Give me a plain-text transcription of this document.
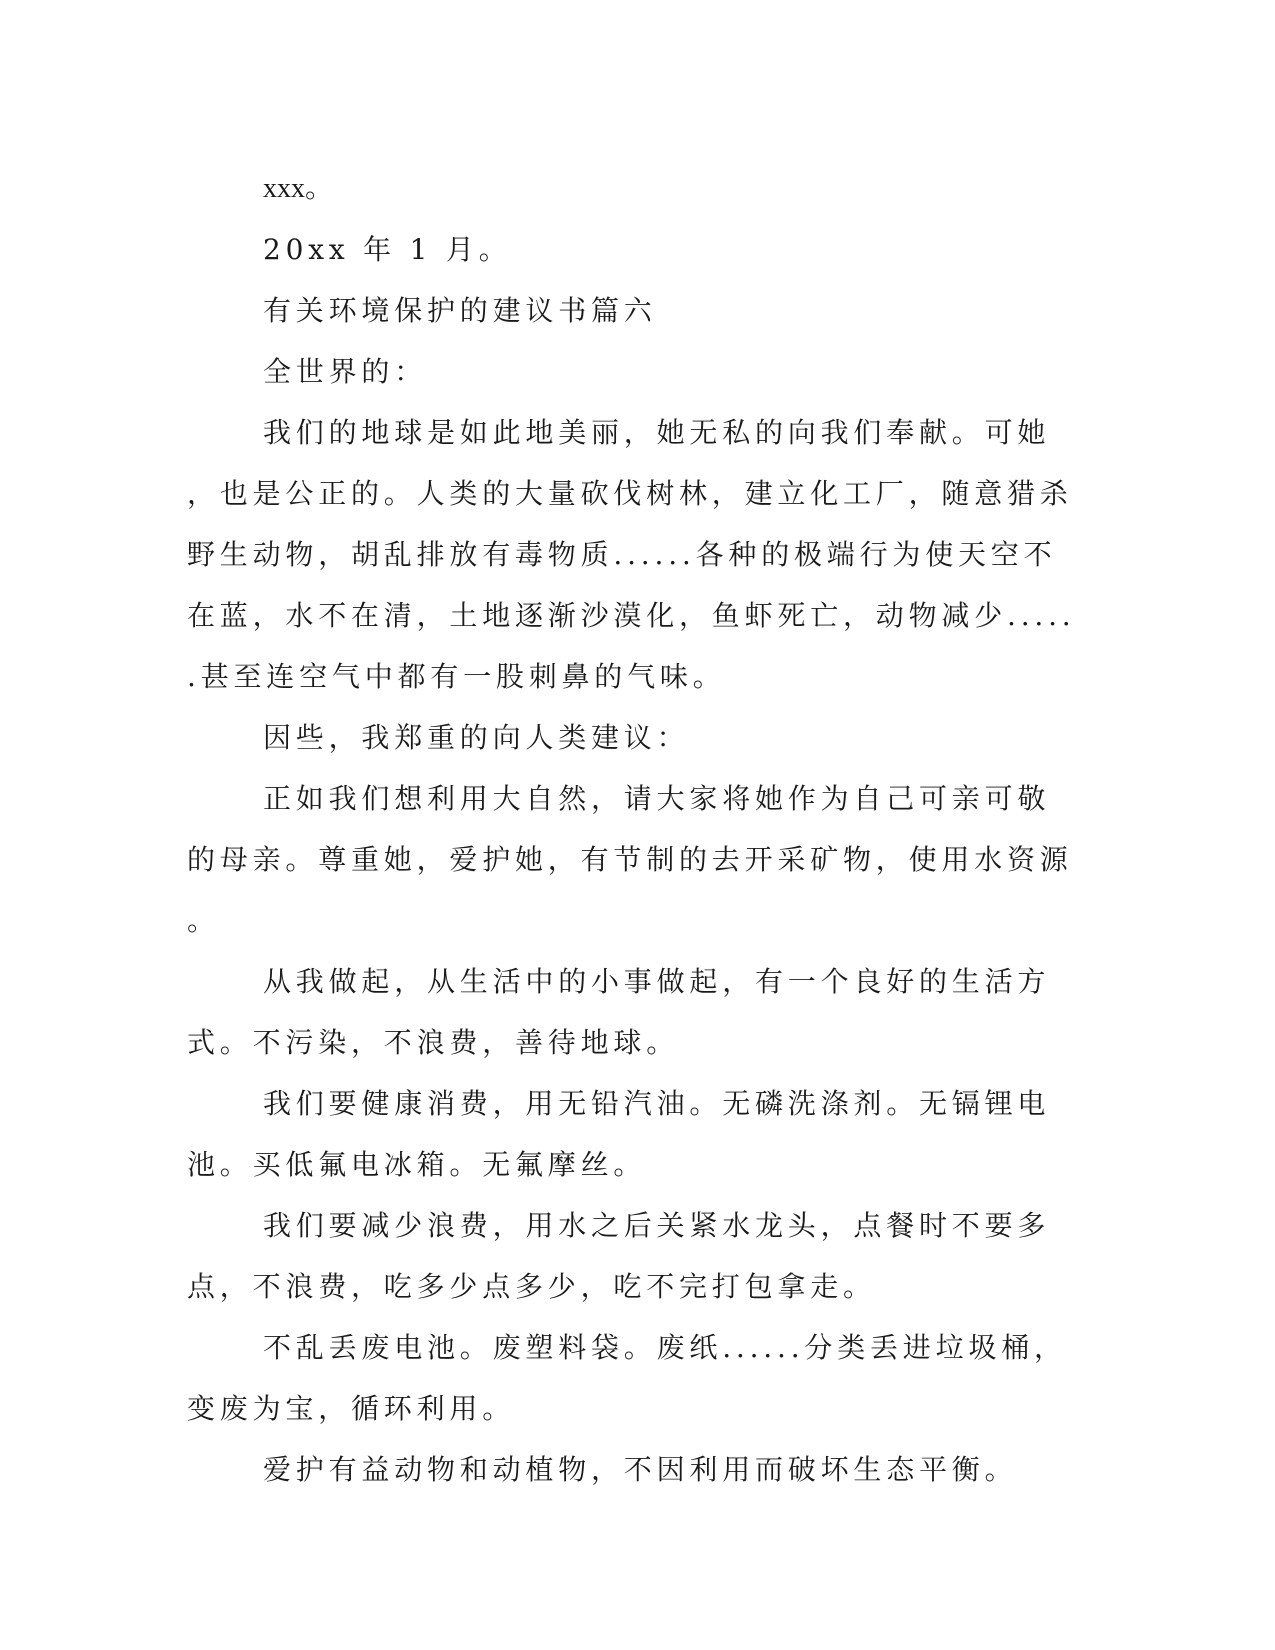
xxx。

20xx 年 1 月。

有关环境保护的建议书篇六

全世界的：

我们的地球是如此地美丽，她无私的向我们奉献。可她，也是公正的。人类的大量砍伐树林，建立化工厂，随意猎杀野生动物，胡乱排放有毒物质......各种的极端行为使天空不在蓝，水不在清，土地逐渐沙漠化，鱼虾死亡，动物减少......甚至连空气中都有一股刺鼻的气味。

因些，我郑重的向人类建议：

正如我们想利用大自然，请大家将她作为自己可亲可敬的母亲。尊重她，爱护她，有节制的去开采矿物，使用水资源。

从我做起，从生活中的小事做起，有一个良好的生活方式。不污染，不浪费，善待地球。

我们要健康消费，用无铅汽油。无磷洗涤剂。无镉锂电池。买低氟电冰箱。无氟摩丝。

我们要减少浪费，用水之后关紧水龙头，点餐时不要多点，不浪费，吃多少点多少，吃不完打包拿走。

不乱丢废电池。废塑料袋。废纸......分类丢进垃圾桶，变废为宝，循环利用。

爱护有益动物和动植物，不因利用而破坏生态平衡。
